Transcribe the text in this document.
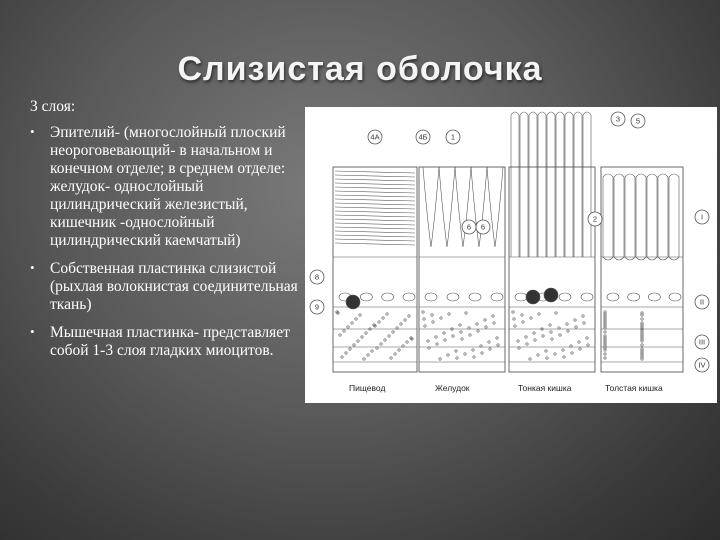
Слизистая оболочка

3 слоя:

• Эпителий- (многослойный плоский неороговевающий- в начальном и конечном отделе; в среднем отделе: желудок- однослойный цилиндрический железистый, кишечник -однослойный цилиндрический каемчатый)
• Собственная пластинка слизистой (рыхлая волокнистая соединительная ткань)
• Мышечная пластинка- представляет собой 1-3 слоя гладких миоцитов.
4А	4Б	1
6 6
2
3 5
I
II
III
IV
8
9
Пищевод	Желудок	Тонкая кишка	Толстая кишка
